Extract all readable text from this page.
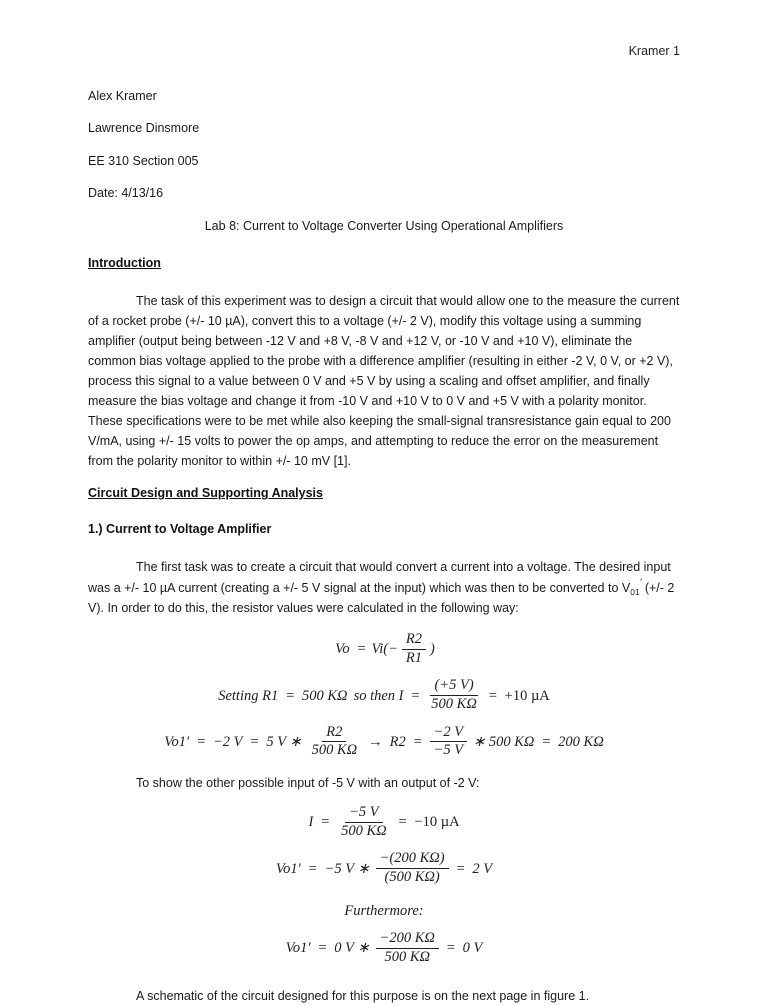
Kramer 1
Alex Kramer
Lawrence Dinsmore
EE 310 Section 005
Date: 4/13/16
Lab 8: Current to Voltage Converter Using Operational Amplifiers
Introduction

The task of this experiment was to design a circuit that would allow one to the measure the current of a rocket probe (+/- 10 µA), convert this to a voltage (+/- 2 V), modify this voltage using a summing amplifier (output being between -12 V and +8 V, -8 V and +12 V, or -10 V and +10 V), eliminate the common bias voltage applied to the probe with a difference amplifier (resulting in either -2 V, 0 V, or +2 V), process this signal to a value between 0 V and +5 V by using a scaling and offset amplifier, and finally measure the bias voltage and change it from -10 V and +10 V to 0 V and +5 V with a polarity monitor. These specifications were to be met while also keeping the small-signal transresistance gain equal to 200 V/mA, using +/- 15 volts to power the op amps, and attempting to reduce the error on the measurement from the polarity monitor to within +/- 10 mV [1].

Circuit Design and Supporting Analysis
1.) Current to Voltage Amplifier

The first task was to create a circuit that would convert a current into a voltage. The desired input was a +/- 10 µA current (creating a +/- 5 V signal at the input) which was then to be converted to $V_{01}'$ (+/- 2 V). In order to do this, the resistor values were calculated in the following way:

$Vo = Vi(- \frac{R2}{R1}$ )
Setting R1 = 500 KΩ so then $I = \frac{(+5 V)}{500 K\Omega} = +10$ µA
Vo1′ = −2 V = 5 V ∗ $\frac{R2}{500 K\Omega} \to R2 = \frac{-2 V}{-5 V}$ ∗ 500 KΩ = 200 KΩ
To show the other possible input of -5 V with an output of -2 V:
$I = \frac{-5 V}{500 K\Omega} = -10$ µA
Vo1′ = −5 V ∗ $\frac{-(200 K\Omega)}{(500 K\Omega)} = 2$ V
Furthermore:
Vo1′ = 0 V ∗ $\frac{-200 K\Omega}{500 K\Omega} = 0$ V
A schematic of the circuit designed for this purpose is on the next page in figure 1.
